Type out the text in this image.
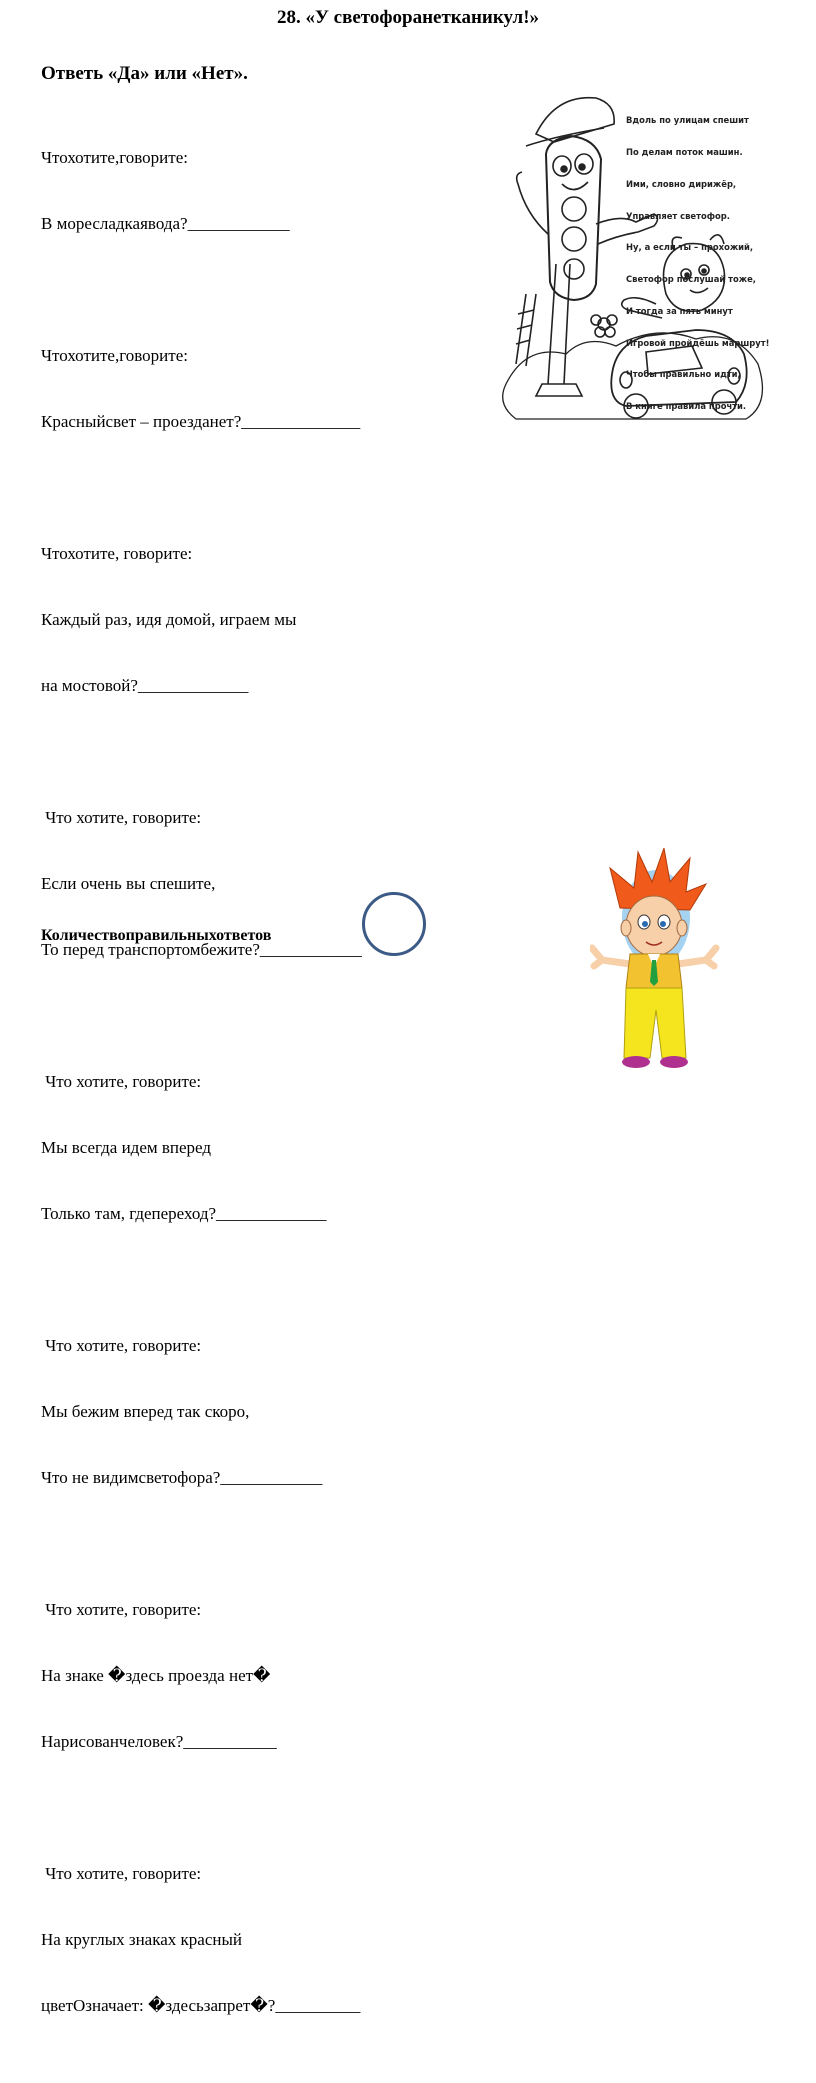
28. «У светофоранетканикул!»
Ответь «Да» или «Нет».

Чтохотите,говорите:

В моресладкаявода?____________

Чтохотите,говорите:

Красныйсвет – проезданет?______________

Чтохотите, говорите:

Каждый раз, идя домой, играем мы

на мостовой?_____________

Что хотите, говорите:

Если очень вы спешите,

То перед транспортомбежите?____________

Что хотите, говорите:

Мы всегда идем вперед

Только там, гдепереход?_____________

Что хотите, говорите:

Мы бежим вперед так скоро,

Что не видимсветофора?____________

Что хотите, говорите:

На знаке �здесь проезда нет�

Нарисованчеловек?___________

Что хотите, говорите:

На круглых знаках красный

цветОзначает: �здесьзапрет�?__________

Вдоль по улицам спешит

По делам поток машин.

Ими, словно дирижёр,

Управляет светофор.

Ну, а если ты – прохожий,

Светофор послушай тоже,

И тогда за пять минут

Игровой пройдёшь маршрут!

Чтобы правильно идти,

В книге правила прочти.

Количествоправильныхответов
